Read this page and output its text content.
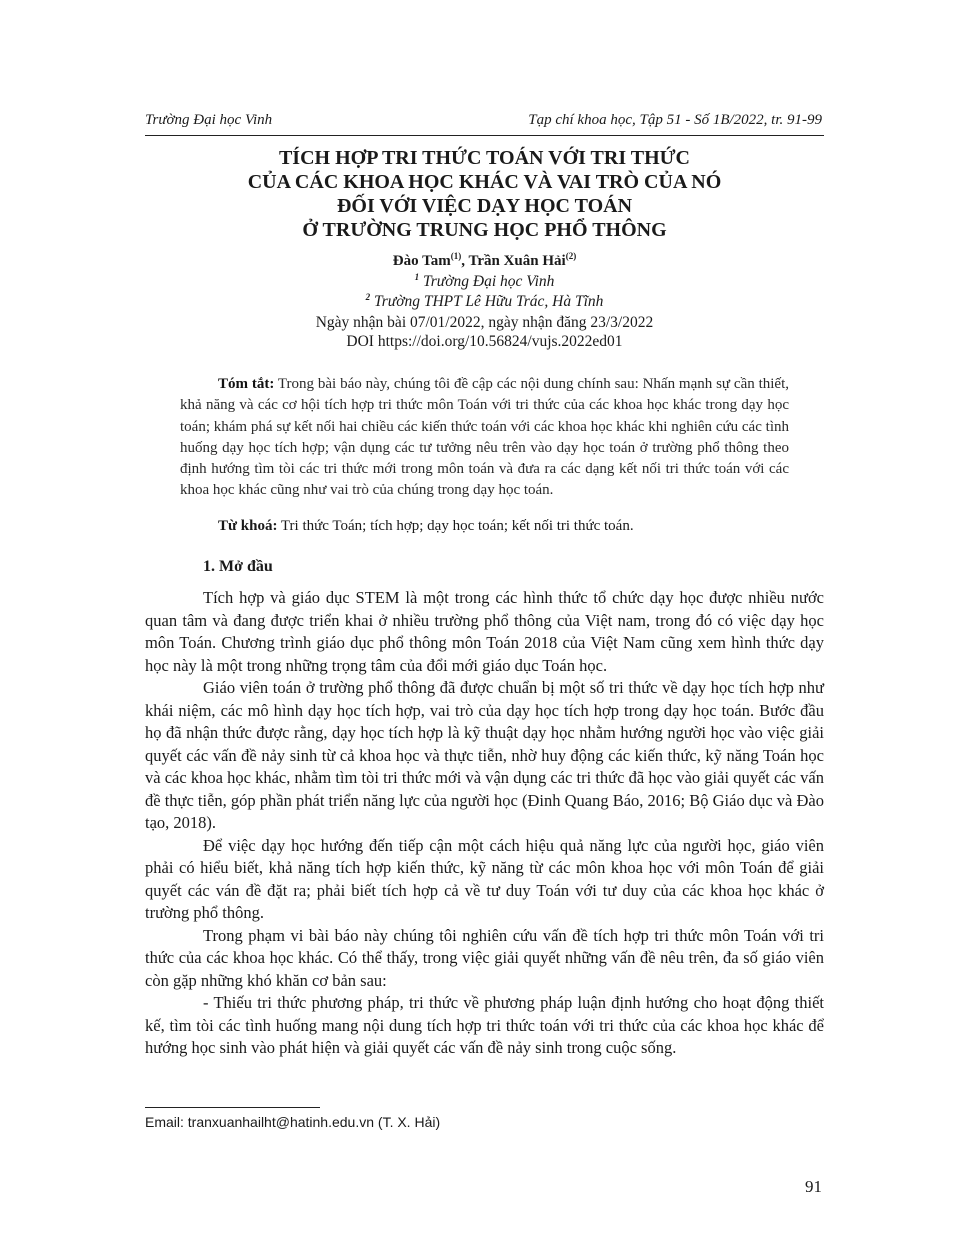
Trường Đại học Vinh	Tạp chí khoa học, Tập 51 - Số 1B/2022, tr. 91-99
TÍCH HỢP TRI THỨC TOÁN VỚI TRI THỨC
CỦA CÁC KHOA HỌC KHÁC VÀ VAI TRÒ CỦA NÓ
ĐỐI VỚI VIỆC DẠY HỌC TOÁN
Ở TRƯỜNG TRUNG HỌC PHỔ THÔNG
Đào Tam$^{(1)}$, Trần Xuân Hải$^{(2)}$
$^1$ Trường Đại học Vinh
$^2$ Trường THPT Lê Hữu Trác, Hà Tĩnh
Ngày nhận bài 07/01/2022, ngày nhận đăng 23/3/2022
DOI https://doi.org/10.56824/vujs.2022ed01
Tóm tắt: Trong bài báo này, chúng tôi đề cập các nội dung chính sau: Nhấn mạnh sự cần thiết, khả năng và các cơ hội tích hợp tri thức môn Toán với tri thức của các khoa học khác trong dạy học toán; khám phá sự kết nối hai chiều các kiến thức toán với các khoa học khác khi nghiên cứu các tình huống dạy học tích hợp; vận dụng các tư tưởng nêu trên vào dạy học toán ở trường phổ thông theo định hướng tìm tòi các tri thức mới trong môn toán và đưa ra các dạng kết nối tri thức toán với các khoa học khác cũng như vai trò của chúng trong dạy học toán.
Từ khoá: Tri thức Toán; tích hợp; dạy học toán; kết nối tri thức toán.
1. Mở đầu

Tích hợp và giáo dục STEM là một trong các hình thức tổ chức dạy học được nhiều nước quan tâm và đang được triển khai ở nhiều trường phổ thông của Việt nam, trong đó có việc dạy học môn Toán. Chương trình giáo dục phổ thông môn Toán 2018 của Việt Nam cũng xem hình thức dạy học này là một trong những trọng tâm của đổi mới giáo dục Toán học.

Giáo viên toán ở trường phổ thông đã được chuẩn bị một số tri thức về dạy học tích hợp như khái niệm, các mô hình dạy học tích hợp, vai trò của dạy học tích hợp trong dạy học toán. Bước đầu họ đã nhận thức được rằng, dạy học tích hợp là kỹ thuật dạy học nhằm hướng người học vào việc giải quyết các vấn đề nảy sinh từ cả khoa học và thực tiễn, nhờ huy động các kiến thức, kỹ năng Toán học và các khoa học khác, nhằm tìm tòi tri thức mới và vận dụng các tri thức đã học vào giải quyết các vấn đề thực tiễn, góp phần phát triển năng lực của người học (Đinh Quang Báo, 2016; Bộ Giáo dục và Đào tạo, 2018).

Để việc dạy học hướng đến tiếp cận một cách hiệu quả năng lực của người học, giáo viên phải có hiểu biết, khả năng tích hợp kiến thức, kỹ năng từ các môn khoa học với môn Toán để giải quyết các ván đề đặt ra; phải biết tích hợp cả về tư duy Toán với tư duy của các khoa học khác ở trường phổ thông.

Trong phạm vi bài báo này chúng tôi nghiên cứu vấn đề tích hợp tri thức môn Toán với tri thức của các khoa học khác. Có thể thấy, trong việc giải quyết những vấn đề nêu trên, đa số giáo viên còn gặp những khó khăn cơ bản sau:

- Thiếu tri thức phương pháp, tri thức về phương pháp luận định hướng cho hoạt động thiết kế, tìm tòi các tình huống mang nội dung tích hợp tri thức toán với tri thức của các khoa học khác để hướng học sinh vào phát hiện và giải quyết các vấn đề nảy sinh trong cuộc sống.

Email: tranxuanhailht@hatinh.edu.vn (T. X. Hải)
91
